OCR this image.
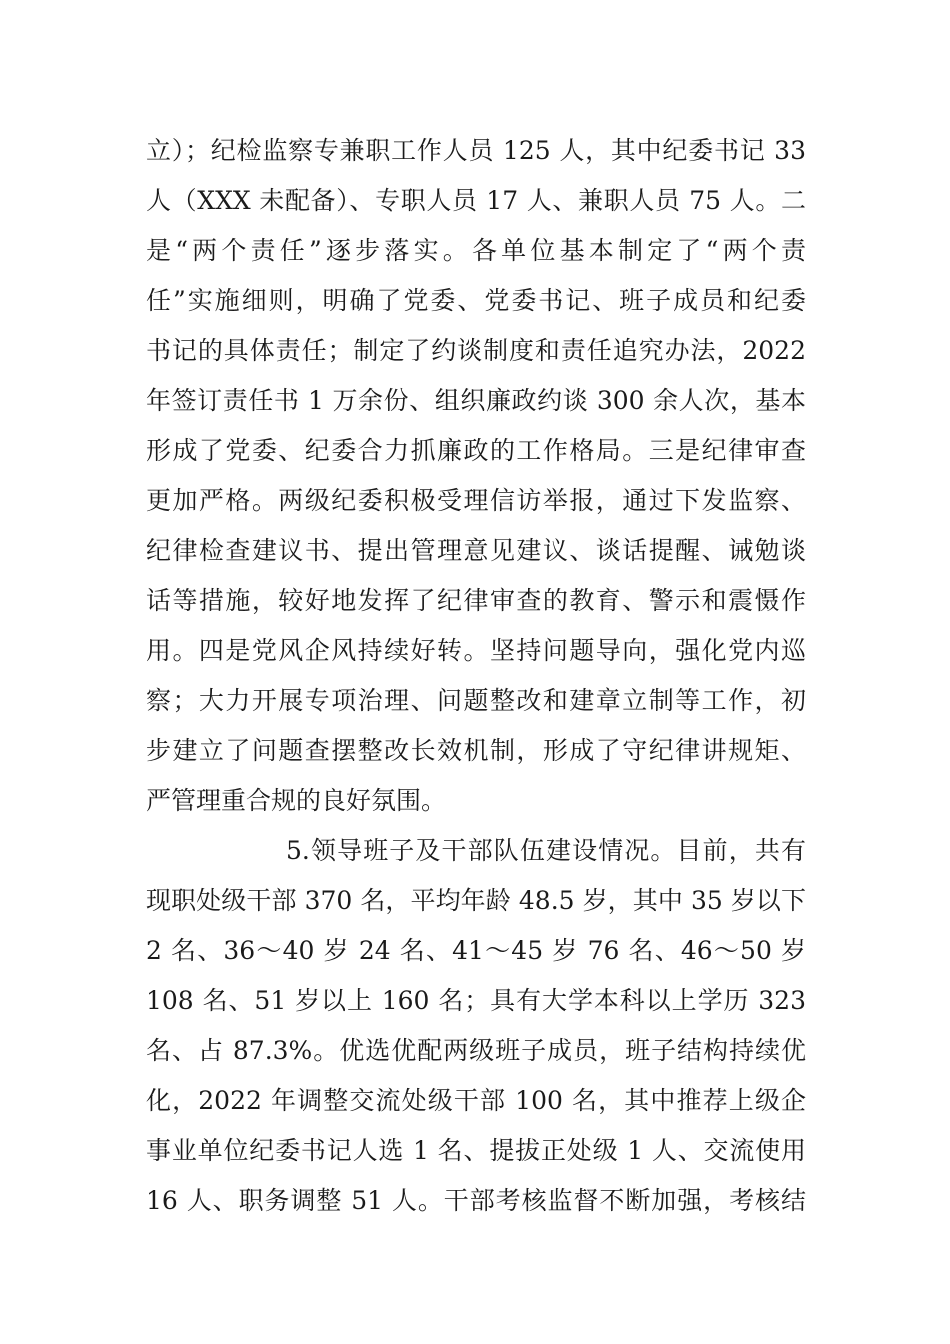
立）；纪检监察专兼职工作人员 125 人，其中纪委书记 33
人（XXX 未配备）、专职人员 17 人、兼职人员 75 人。二
是“两个责任”逐步落实。各单位基本制定了“两个责
任”实施细则，明确了党委、党委书记、班子成员和纪委
书记的具体责任；制定了约谈制度和责任追究办法，2022
年签订责任书 1 万余份、组织廉政约谈 300 余人次，基本
形成了党委、纪委合力抓廉政的工作格局。三是纪律审查
更加严格。两级纪委积极受理信访举报，通过下发监察、
纪律检查建议书、提出管理意见建议、谈话提醒、诫勉谈
话等措施，较好地发挥了纪律审查的教育、警示和震慑作
用。四是党风企风持续好转。坚持问题导向，强化党内巡
察；大力开展专项治理、问题整改和建章立制等工作，初
步建立了问题查摆整改长效机制，形成了守纪律讲规矩、
严管理重合规的良好氛围。
5.领导班子及干部队伍建设情况。目前，共有
现职处级干部 370 名，平均年龄 48.5 岁，其中 35 岁以下
2 名、36～40 岁 24 名、41～45 岁 76 名、46～50 岁
108 名、51 岁以上 160 名；具有大学本科以上学历 323
名、占 87.3%。优选优配两级班子成员，班子结构持续优
化，2022 年调整交流处级干部 100 名，其中推荐上级企
事业单位纪委书记人选 1 名、提拔正处级 1 人、交流使用
16 人、职务调整 51 人。干部考核监督不断加强，考核结
